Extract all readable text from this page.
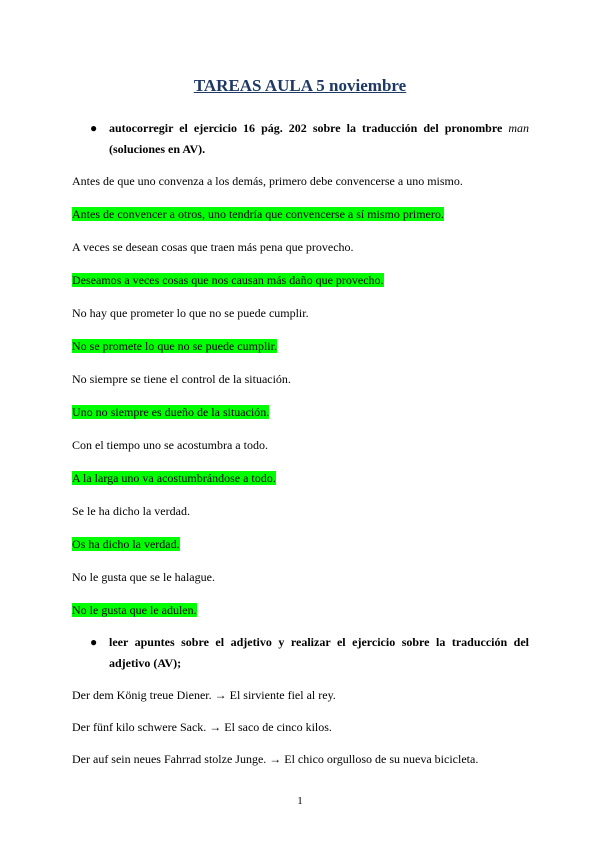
TAREAS AULA 5 noviembre
● autocorregir el ejercicio 16 pág. 202 sobre la traducción del pronombre man (soluciones en AV).
Antes de que uno convenza a los demás, primero debe convencerse a uno mismo.
Antes de convencer a otros, uno tendría que convencerse a sí mismo primero.
A veces se desean cosas que traen más pena que provecho.
Deseamos a veces cosas que nos causan más daño que provecho.
No hay que prometer lo que no se puede cumplir.
No se promete lo que no se puede cumplir.
No siempre se tiene el control de la situación.
Uno no siempre es dueño de la situación.
Con el tiempo uno se acostumbra a todo.
A la larga uno va acostumbrándose a todo.
Se le ha dicho la verdad.
Os ha dicho la verdad.
No le gusta que se le halague.
No le gusta que le adulen.
● leer apuntes sobre el adjetivo y realizar el ejercicio sobre la traducción del adjetivo (AV);
Der dem König treue Diener. → El sirviente fiel al rey.
Der fünf kilo schwere Sack. → El saco de cinco kilos.
Der auf sein neues Fahrrad stolze Junge. → El chico orgulloso de su nueva bicicleta.
1
